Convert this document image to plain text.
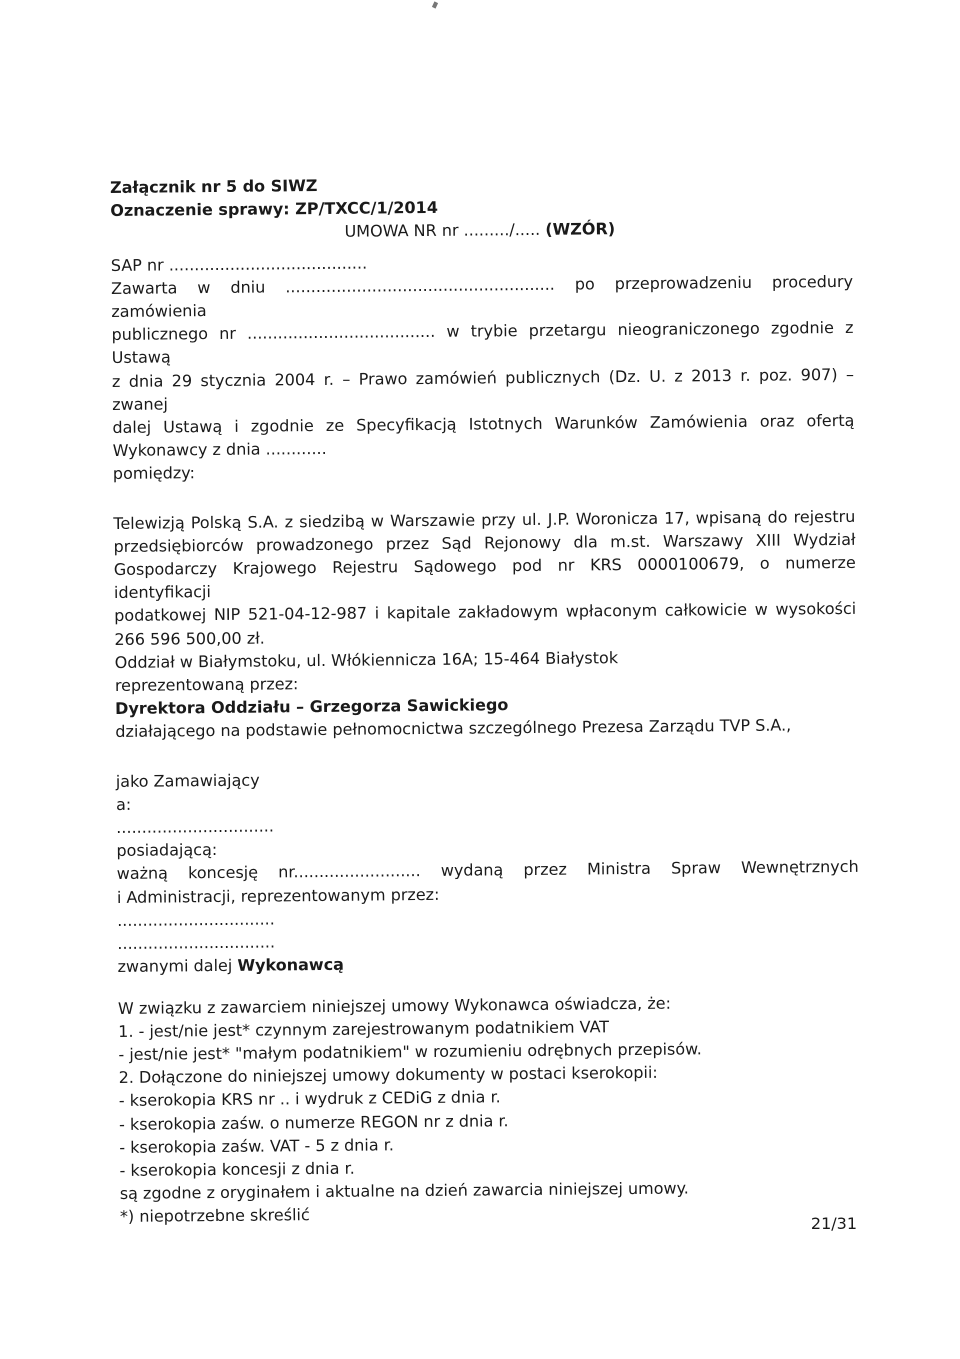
Załącznik nr 5 do SIWZ
Oznaczenie sprawy: ZP/TXCC/1/2014
UMOWA NR nr ........./..... (WZÓR)
SAP nr .......................................
Zawarta w dniu ..................................................... po przeprowadzeniu procedury zamówienia
publicznego nr ..................................... w trybie przetargu nieograniczonego zgodnie z Ustawą
z dnia 29 stycznia 2004 r. – Prawo zamówień publicznych (Dz. U. z 2013 r. poz. 907) – zwanej
dalej Ustawą i zgodnie ze Specyfikacją Istotnych Warunków Zamówienia oraz ofertą
Wykonawcy z dnia ............
pomiędzy:
Telewizją Polską S.A. z siedzibą w Warszawie przy ul. J.P. Woronicza 17, wpisaną do rejestru
przedsiębiorców prowadzonego przez Sąd Rejonowy dla m.st. Warszawy XIII Wydział
Gospodarczy Krajowego Rejestru Sądowego pod nr KRS 0000100679, o numerze identyfikacji
podatkowej NIP 521-04-12-987 i kapitale zakładowym wpłaconym całkowicie w wysokości
266 596 500,00 zł.
Oddział w Białymstoku, ul. Włókiennicza 16A; 15-464 Białystok
reprezentowaną przez:
Dyrektora Oddziału – Grzegorza Sawickiego
działającego na podstawie pełnomocnictwa szczególnego Prezesa Zarządu TVP S.A.,
jako Zamawiający
a:
...............................
posiadającą:
ważną koncesję nr......................... wydaną przez Ministra Spraw Wewnętrznych
i Administracji, reprezentowanym przez:
...............................
...............................
zwanymi dalej Wykonawcą
W związku z zawarciem niniejszej umowy Wykonawca oświadcza, że:
1. - jest/nie jest* czynnym zarejestrowanym podatnikiem VAT
- jest/nie jest* "małym podatnikiem" w rozumieniu odrębnych przepisów.
2. Dołączone do niniejszej umowy dokumenty w postaci kserokopii:
- kserokopia KRS nr .. i wydruk z CEDiG z dnia r.
- kserokopia zaśw. o numerze REGON nr z dnia r.
- kserokopia zaśw. VAT - 5 z dnia r.
- kserokopia koncesji z dnia r.
są zgodne z oryginałem i aktualne na dzień zawarcia niniejszej umowy.
*) niepotrzebne skreślić	21/31
